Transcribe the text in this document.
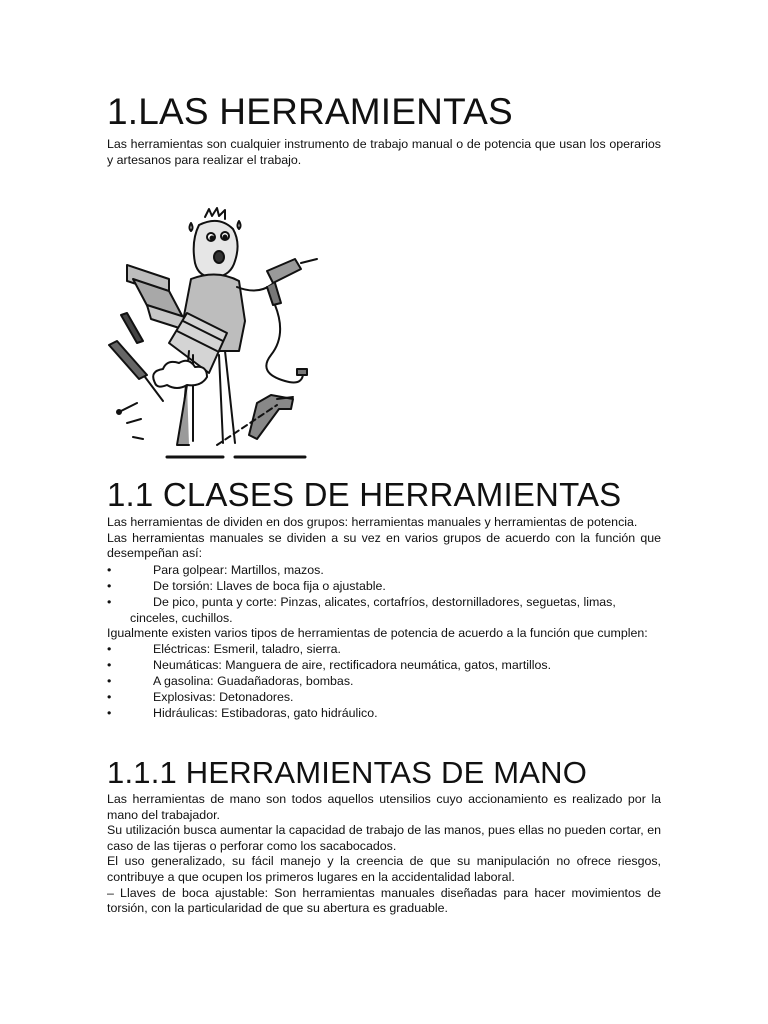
1.LAS HERRAMIENTAS

Las herramientas son cualquier instrumento de trabajo manual o de potencia que usan los operarios y artesanos para realizar el trabajo.

1.1 CLASES DE HERRAMIENTAS

Las herramientas de dividen en dos grupos: herramientas manuales y herramientas de potencia.

Las herramientas manuales se dividen a su vez en varios grupos de acuerdo con la función que desempeñan así:

•	Para golpear: Martillos, mazos.
•	De torsión: Llaves de boca fija o ajustable.
•	De pico, punta y corte: Pinzas, alicates, cortafríos, destornilladores, seguetas, limas,
cinceles, cuchillos.

Igualmente existen varios tipos de herramientas de potencia de acuerdo a la función que cumplen:

•	Eléctricas: Esmeril, taladro, sierra.
•	Neumáticas: Manguera de aire, rectificadora neumática, gatos, martillos.
•	A gasolina: Guadañadoras, bombas.
•	Explosivas: Detonadores.
•	Hidráulicas: Estibadoras, gato hidráulico.
1.1.1 HERRAMIENTAS DE MANO

Las herramientas de mano son todos aquellos utensilios cuyo accionamiento es realizado por la mano del trabajador.

Su utilización busca aumentar la capacidad de trabajo de las manos, pues ellas no pueden cortar, en caso de las tijeras o perforar como los sacabocados.

El uso generalizado, su fácil manejo y la creencia de que su manipulación no ofrece riesgos, contribuye a que ocupen los primeros lugares en la accidentalidad laboral.

– Llaves de boca ajustable: Son herramientas manuales diseñadas para hacer movimientos de torsión, con la particularidad de que su abertura es graduable.
